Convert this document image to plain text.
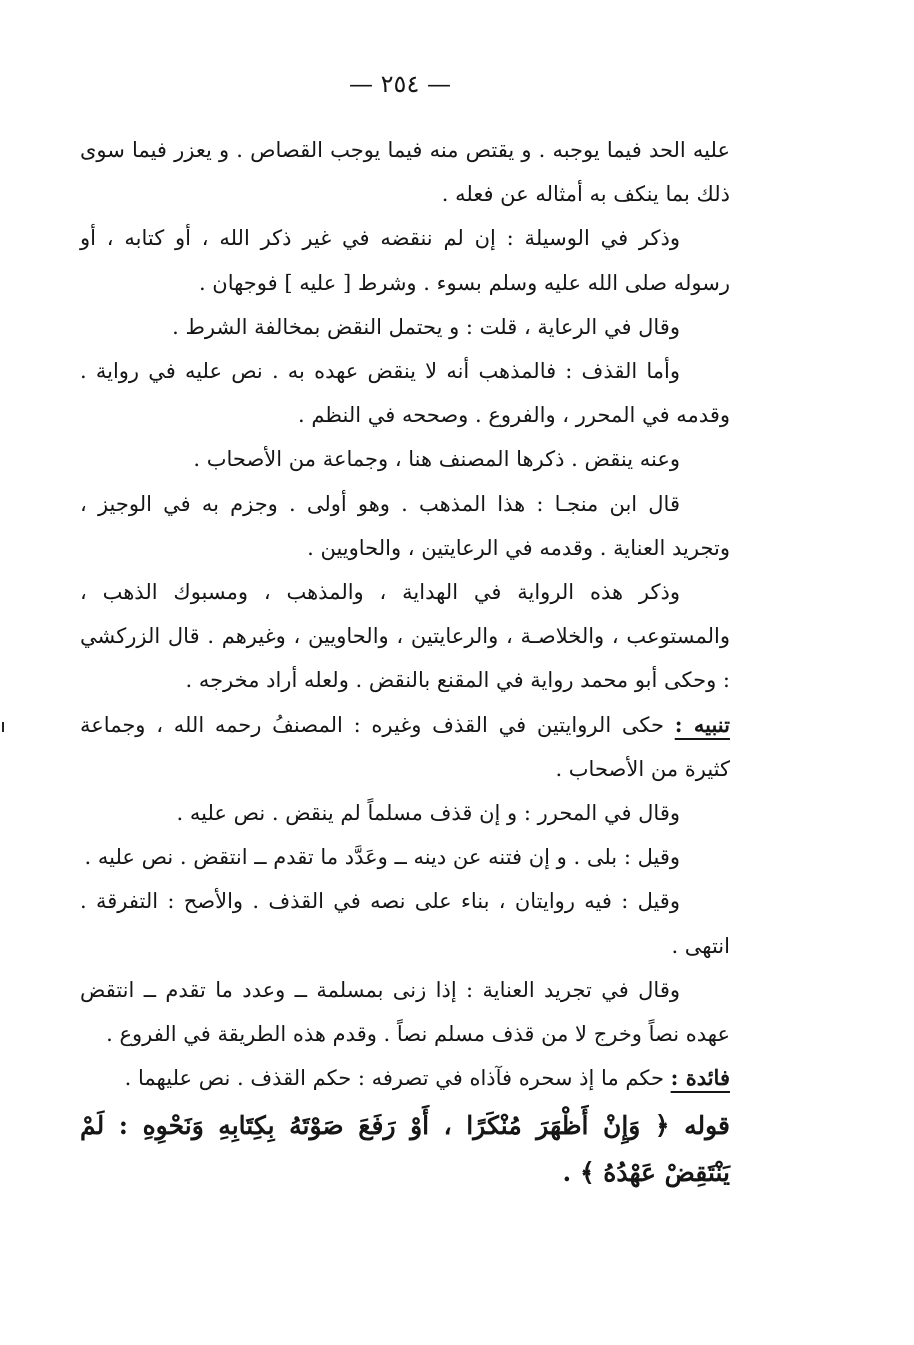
— ٢٥٤ —

عليه الحد فيما يوجبه . و يقتص منه فيما يوجب القصاص . و يعزر فيما سوى ذلك بما ينكف به أمثاله عن فعله .

وذكر في الوسيلة : إن لم ننقضه في غير ذكر الله ، أو كتابه ، أو رسوله صلى الله عليه وسلم بسوء . وشرط [ عليه ] فوجهان .

وقال في الرعاية ، قلت : و يحتمل النقض بمخالفة الشرط .

وأما القذف : فالمذهب أنه لا ينقض عهده به . نص عليه في رواية . وقدمه في المحرر ، والفروع . وصححه في النظم .

وعنه ينقض . ذكرها المصنف هنا ، وجماعة من الأصحاب .

قال ابن منجـا : هذا المذهب . وهو أولى . وجزم به في الوجيز ، وتجريد العناية . وقدمه في الرعايتين ، والحاويين .

وذكر هذه الرواية في الهداية ، والمذهب ، ومسبوك الذهب ، والمستوعب ، والخلاصـة ، والرعايتين ، والحاويين ، وغيرهم . قال الزركشي : وحكى أبو محمد رواية في المقنع بالنقض . ولعله أراد مخرجه .

تنبيه : حكى الروايتين في القذف وغيره : المصنفُ رحمه الله ، وجماعة كثيرة من الأصحاب .

وقال في المحرر : و إن قذف مسلماً لم ينقض . نص عليه .

وقيل : بلى . و إن فتنه عن دينه ــ وعَدَّد ما تقدم ــ انتقض . نص عليه .

وقيل : فيه روايتان ، بناء على نصه في القذف . والأصح : التفرقة . انتهى .

وقال في تجريد العناية : إذا زنى بمسلمة ــ وعدد ما تقدم ــ انتقض عهده نصاً وخرج لا من قذف مسلم نصاً . وقدم هذه الطريقة في الفروع .

فائدة : حكم ما إذ سحره فآذاه في تصرفه : حكم القذف . نص عليهما .

قوله ﴿ وَإِنْ أَظْهَرَ مُنْكَرًا ، أَوْ رَفَعَ صَوْتَهُ بِكِتَابِهِ وَنَحْوِهِ : لَمْ يَنْتَقِضْ عَهْدُهُ ﴾ .
